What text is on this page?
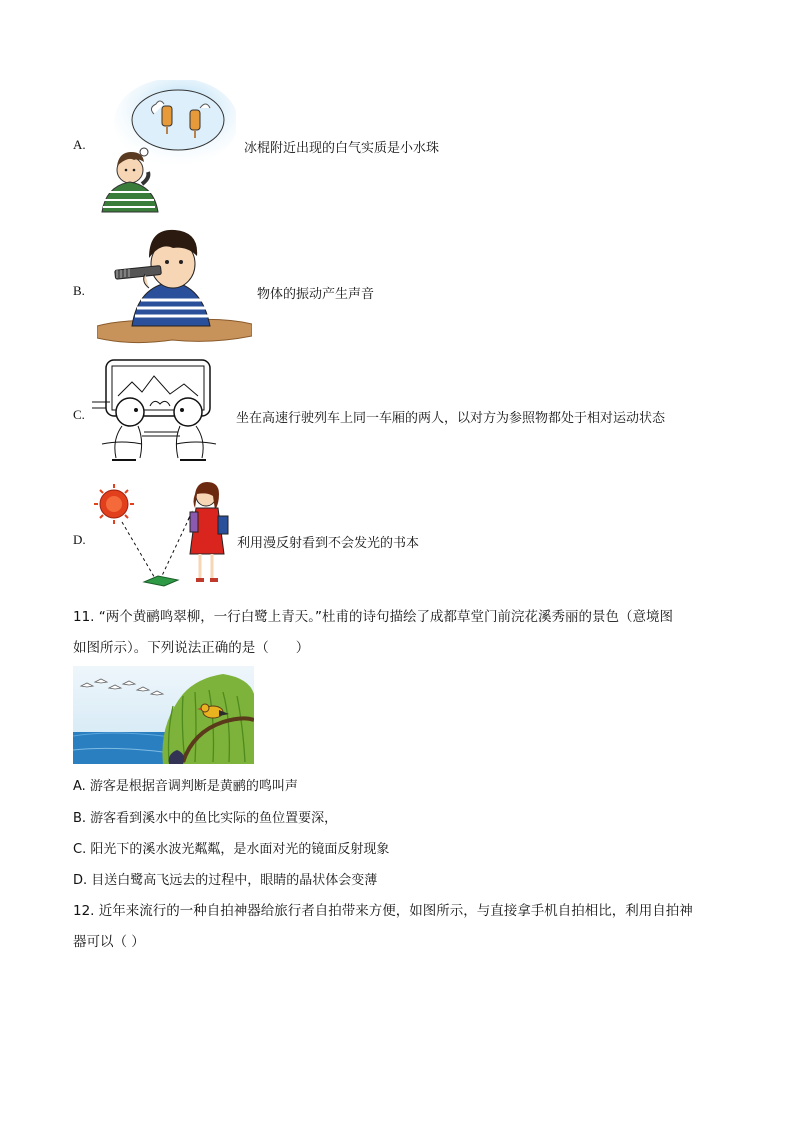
A.	冰棍附近出现的白气实质是小水珠
B.	物体的振动产生声音
C.	坐在高速行驶列车上同一车厢的两人，以对方为参照物都处于相对运动状态
D.	利用漫反射看到不会发光的书本
11. “两个黄鹂鸣翠柳，一行白鹭上青天。”杜甫的诗句描绘了成都草堂门前浣花溪秀丽的景色（意境图
如图所示）。下列说法正确的是（　　）
A. 游客是根据音调判断是黄鹂的鸣叫声
B. 游客看到溪水中的鱼比实际的鱼位置要深，
C. 阳光下的溪水波光粼粼，是水面对光的镜面反射现象
D. 目送白鹭高飞远去的过程中，眼睛的晶状体会变薄
12. 近年来流行的一种自拍神器给旅行者自拍带来方便，如图所示，与直接拿手机自拍相比，利用自拍神
器可以（ ）
